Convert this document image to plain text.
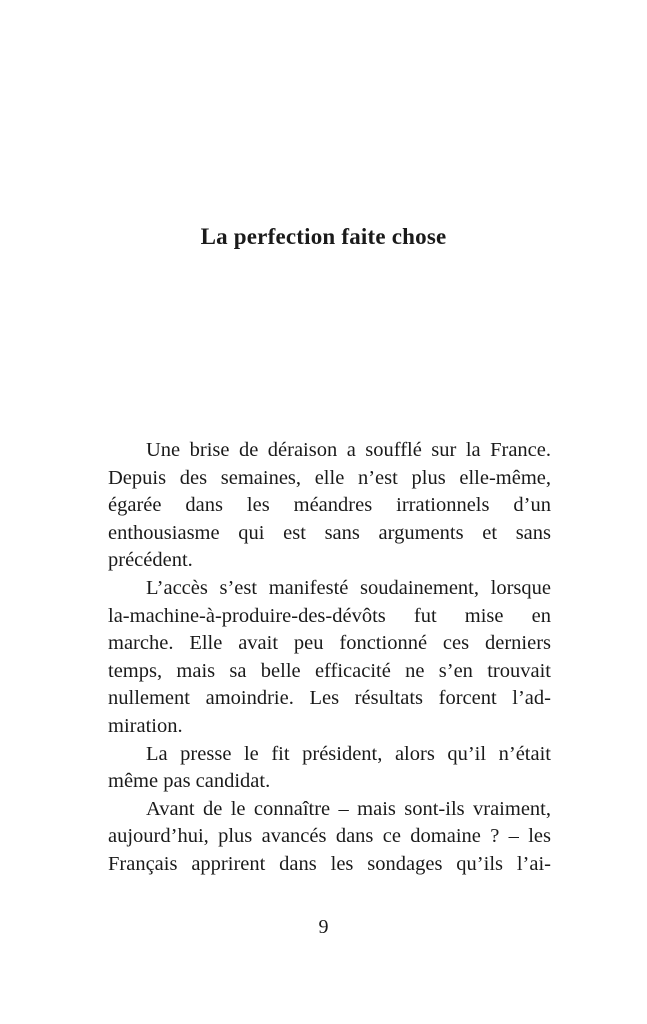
La perfection faite chose
Une brise de déraison a soufflé sur la France.
Depuis des semaines, elle n’est plus elle-même,
égarée dans les méandres irrationnels d’un
enthousiasme qui est sans arguments et sans
précédent.
L’accès s’est manifesté soudainement, lorsque
la-machine-à-produire-des-dévôts fut mise en
marche. Elle avait peu fonctionné ces derniers
temps, mais sa belle efficacité ne s’en trouvait
nullement amoindrie. Les résultats forcent l’ad-
miration.
La presse le fit président, alors qu’il n’était
même pas candidat.
Avant de le connaître – mais sont-ils vraiment,
aujourd’hui, plus avancés dans ce domaine ? – les
Français apprirent dans les sondages qu’ils l’ai-
9
